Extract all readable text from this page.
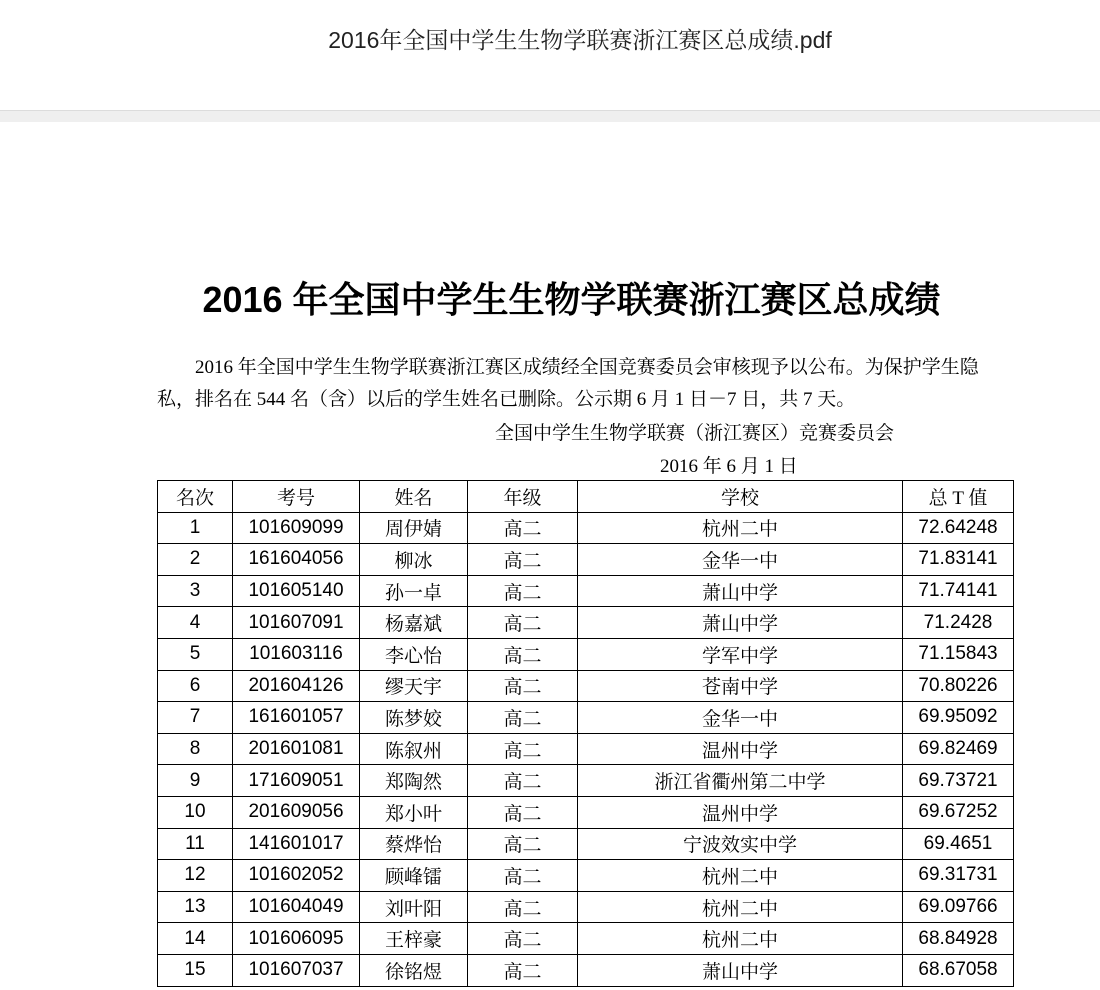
2016年全国中学生生物学联赛浙江赛区总成绩.pdf
2016 年全国中学生生物学联赛浙江赛区总成绩

2016 年全国中学生生物学联赛浙江赛区成绩经全国竞赛委员会审核现予以公布。为保护学生隐私，排名在 544 名（含）以后的学生姓名已删除。公示期 6 月 1 日－7 日，共 7 天。

全国中学生生物学联赛（浙江赛区）竞赛委员会
2016 年 6 月 1 日
名次	考号	姓名	年级	学校	总 T 值
1	101609099	周伊婧	高二	杭州二中	72.64248
2	161604056	柳冰	高二	金华一中	71.83141
3	101605140	孙一卓	高二	萧山中学	71.74141
4	101607091	杨嘉斌	高二	萧山中学	71.2428
5	101603116	李心怡	高二	学军中学	71.15843
6	201604126	缪天宇	高二	苍南中学	70.80226
7	161601057	陈梦姣	高二	金华一中	69.95092
8	201601081	陈叙州	高二	温州中学	69.82469
9	171609051	郑陶然	高二	浙江省衢州第二中学	69.73721
10	201609056	郑小叶	高二	温州中学	69.67252
11	141601017	蔡烨怡	高二	宁波效实中学	69.4651
12	101602052	顾峰镭	高二	杭州二中	69.31731
13	101604049	刘叶阳	高二	杭州二中	69.09766
14	101606095	王梓豪	高二	杭州二中	68.84928
15	101607037	徐铭煜	高二	萧山中学	68.67058
